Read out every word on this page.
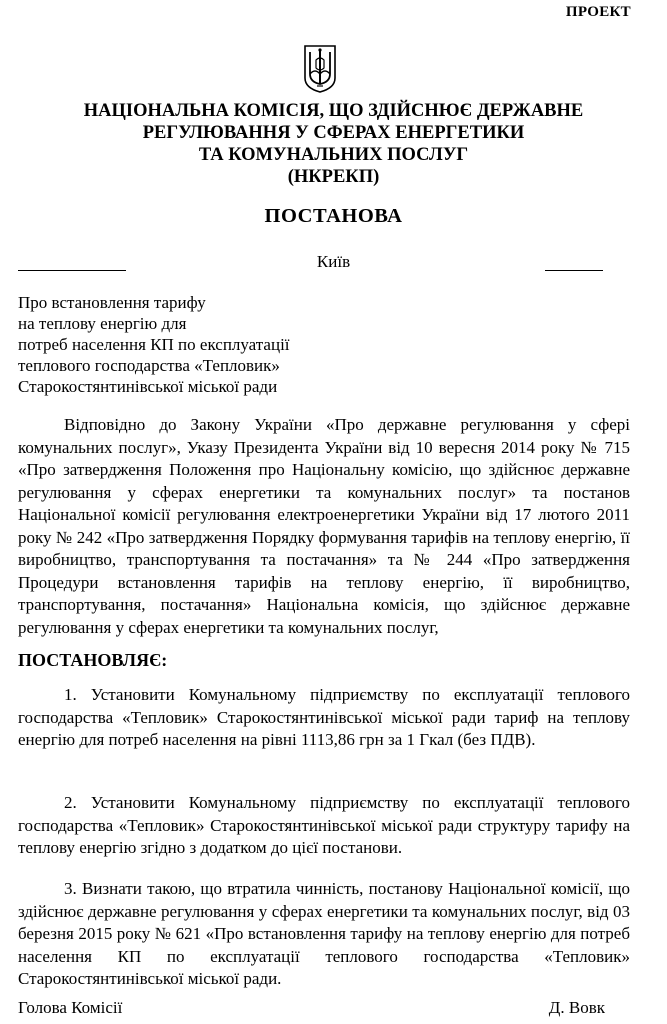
ПРОЕКТ
НАЦІОНАЛЬНА КОМІСІЯ, ЩО ЗДІЙСНЮЄ ДЕРЖАВНЕ
РЕГУЛЮВАННЯ У СФЕРАХ ЕНЕРГЕТИКИ
ТА КОМУНАЛЬНИХ ПОСЛУГ
(НКРЕКП)
ПОСТАНОВА
Київ
Про встановлення тарифу
на теплову енергію для
потреб населення КП по експлуатації
теплового господарства «Тепловик»
Старокостянтинівської міської ради
Відповідно до Закону України «Про державне регулювання у сфері комунальних послуг», Указу Президента України від 10 вересня 2014 року № 715 «Про затвердження Положення про Національну комісію, що здійснює державне регулювання у сферах енергетики та комунальних послуг» та постанов Національної комісії регулювання електроенергетики України від 17 лютого 2011 року № 242 «Про затвердження Порядку формування тарифів на теплову енергію, її виробництво, транспортування та постачання» та № 244 «Про затвердження Процедури встановлення тарифів на теплову енергію, її виробництво, транспортування, постачання» Національна комісія, що здійснює державне регулювання у сферах енергетики та комунальних послуг,
ПОСТАНОВЛЯЄ:
1. Установити Комунальному підприємству по експлуатації теплового господарства «Тепловик» Старокостянтинівської міської ради тариф на теплову енергію для потреб населення на рівні 1113,86 грн за 1 Гкал (без ПДВ).
2. Установити Комунальному підприємству по експлуатації теплового господарства «Тепловик» Старокостянтинівської міської ради структуру тарифу на теплову енергію згідно з додатком до цієї постанови.
3. Визнати такою, що втратила чинність, постанову Національної комісії, що здійснює державне регулювання у сферах енергетики та комунальних послуг, від 03 березня 2015 року № 621 «Про встановлення тарифу на теплову енергію для потреб населення КП по експлуатації теплового господарства «Тепловик» Старокостянтинівської міської ради.
Голова Комісії	Д. Вовк
